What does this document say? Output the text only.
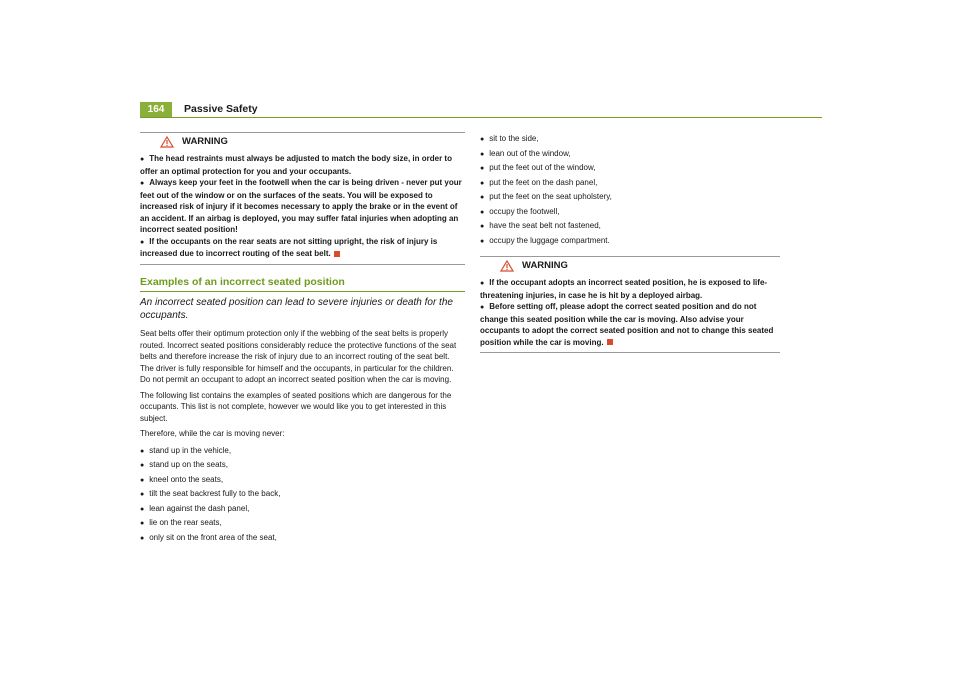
164	Passive Safety
WARNING
● The head restraints must always be adjusted to match the body size, in order to offer an optimal protection for you and your occupants.
● Always keep your feet in the footwell when the car is being driven - never put your feet out of the window or on the surfaces of the seats. You will be exposed to increased risk of injury if it becomes necessary to apply the brake or in the event of an accident. If an airbag is deployed, you may suffer fatal injuries when adopting an incorrect seated position!
● If the occupants on the rear seats are not sitting upright, the risk of injury is increased due to incorrect routing of the seat belt.
Examples of an incorrect seated position
An incorrect seated position can lead to severe injuries or death for the occupants.
Seat belts offer their optimum protection only if the webbing of the seat belts is properly routed. Incorrect seated positions considerably reduce the protective functions of the seat belts and therefore increase the risk of injury due to an incorrect routing of the seat belt. The driver is fully responsible for himself and the occupants, in particular for the children. Do not permit an occupant to adopt an incorrect seated position when the car is moving.
The following list contains the examples of seated positions which are dangerous for the occupants. This list is not complete, however we would like you to get interested in this subject.
Therefore, while the car is moving never:
● stand up in the vehicle,
● stand up on the seats,
● kneel onto the seats,
● tilt the seat backrest fully to the back,
● lean against the dash panel,
● lie on the rear seats,
● only sit on the front area of the seat,
● sit to the side,
● lean out of the window,
● put the feet out of the window,
● put the feet on the dash panel,
● put the feet on the seat upholstery,
● occupy the footwell,
● have the seat belt not fastened,
● occupy the luggage compartment.
WARNING
● If the occupant adopts an incorrect seated position, he is exposed to life-threatening injuries, in case he is hit by a deployed airbag.
● Before setting off, please adopt the correct seated position and do not change this seated position while the car is moving. Also advise your occupants to adopt the correct seated position and not to change this seated position while the car is moving.
